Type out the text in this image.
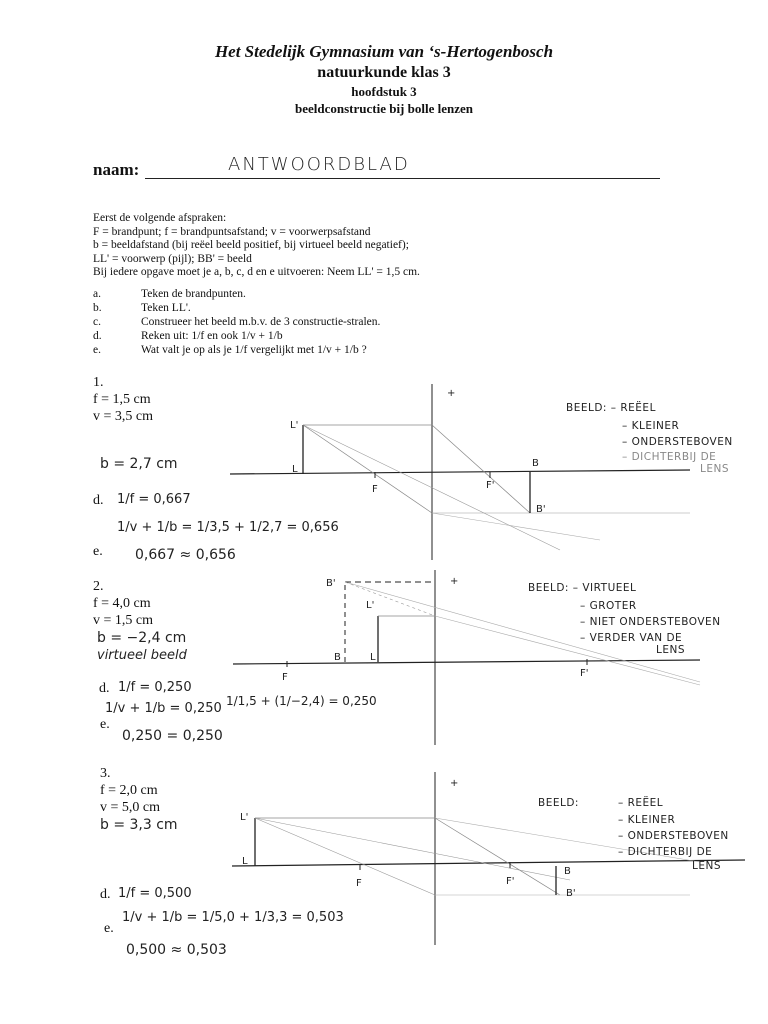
Het Stedelijk Gymnasium van ‘s-Hertogenbosch
natuurkunde klas 3
hoofdstuk 3
beeldconstructie bij bolle lenzen
naam:	ANTWOORDBLAD
Eerst de volgende afspraken:
F = brandpunt; f = brandpuntsafstand; v = voorwerpsafstand
b = beeldafstand (bij reëel beeld positief, bij virtueel beeld negatief);
LL' = voorwerp (pijl); BB' = beeld
Bij iedere opgave moet je a, b, c, d en e uitvoeren: Neem LL' = 1,5 cm.
a.	Teken de brandpunten.
b.	Teken LL'.
c.	Construeer het beeld m.b.v. de 3 constructie-stralen.
d.	Reken uit: 1/f en ook 1/v + 1/b
e.	Wat valt je op als je 1/f vergelijkt met 1/v + 1/b ?
+
L'
L
F	F'
B
B'
+
B'
L'
B	L
F	F'
+
L'
L
F	F'
B
B'
1.
f = 1,5 cm
v = 3,5 cm
b = 2,7 cm
d. 1/f = 0,667
1/v + 1/b = 1/3,5 + 1/2,7 = 0,656
e. 0,667 ≈ 0,656
BEELD: – REËEL
– KLEINER
– ONDERSTEBOVEN
– DICHTERBIJ DE
LENS
2.
f = 4,0 cm
v = 1,5 cm
b = −2,4 cm
virtueel beeld
d. 1/f = 0,250
1/v + 1/b = 0,250 1/1,5 + (1/−2,4) = 0,250
e.
0,250 = 0,250
BEELD: – VIRTUEEL
– GROTER
– NIET ONDERSTEBOVEN
– VERDER VAN DE
LENS
3.
f = 2,0 cm
v = 5,0 cm
b = 3,3 cm
d. 1/f = 0,500
1/v + 1/b = 1/5,0 + 1/3,3 = 0,503
e.
0,500 ≈ 0,503
BEELD:	– REËEL
– KLEINER
– ONDERSTEBOVEN
– DICHTERBIJ DE
LENS
